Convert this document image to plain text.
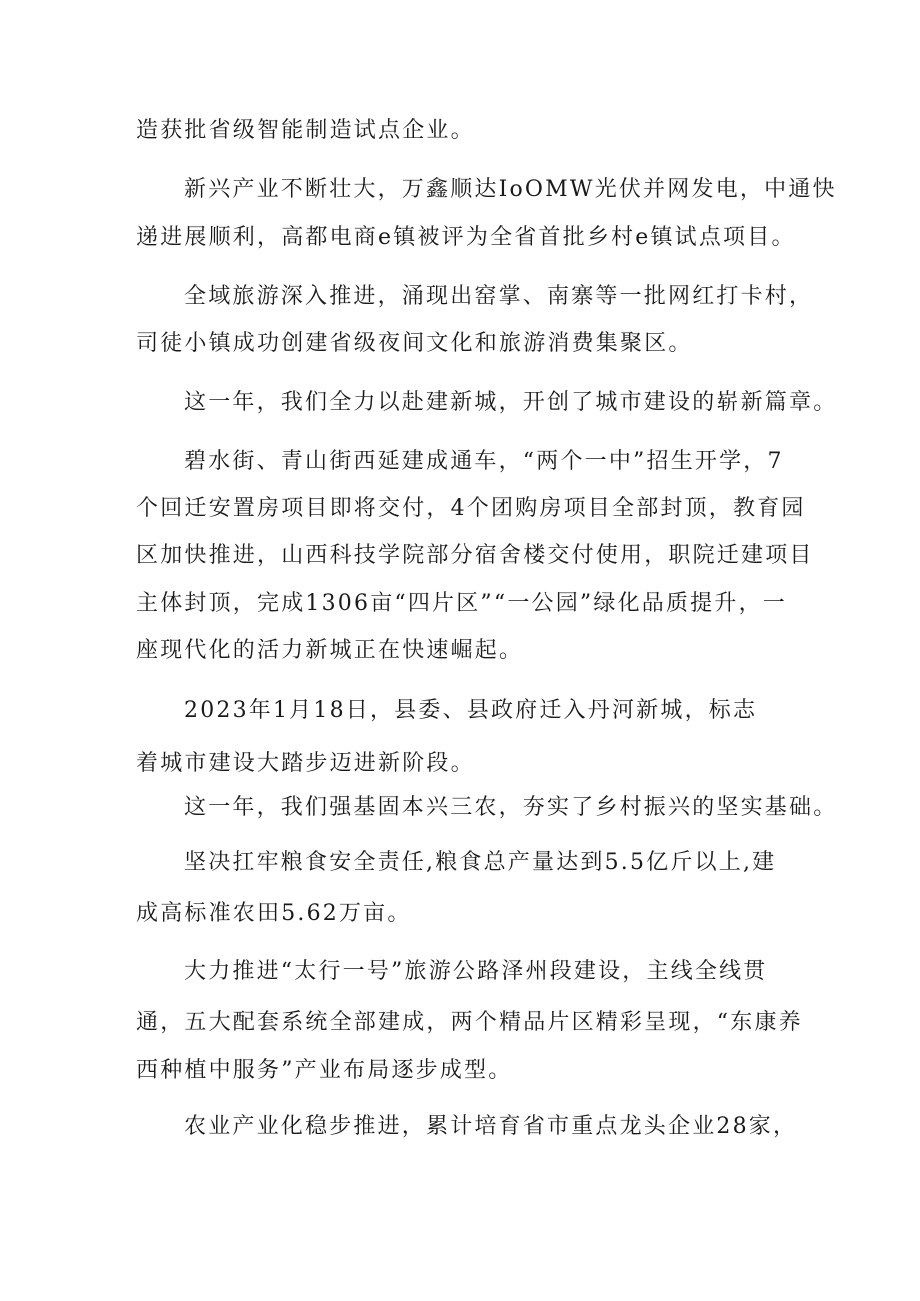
造获批省级智能制造试点企业。
新兴产业不断壮大，万鑫顺达IoOMW光伏并网发电，中通快
递进展顺利，高都电商e镇被评为全省首批乡村e镇试点项目。
全域旅游深入推进，涌现出窑掌、南寨等一批网红打卡村，
司徒小镇成功创建省级夜间文化和旅游消费集聚区。
这一年，我们全力以赴建新城，开创了城市建设的崭新篇章。
碧水街、青山街西延建成通车，“两个一中”招生开学，7
个回迁安置房项目即将交付，4个团购房项目全部封顶，教育园
区加快推进，山西科技学院部分宿舍楼交付使用，职院迁建项目
主体封顶，完成1306亩“四片区”“一公园”绿化品质提升，一
座现代化的活力新城正在快速崛起。
2023年1月18日，县委、县政府迁入丹河新城，标志
着城市建设大踏步迈进新阶段。
这一年，我们强基固本兴三农，夯实了乡村振兴的坚实基础。
坚决扛牢粮食安全责任,粮食总产量达到5.5亿斤以上,建
成高标准农田5.62万亩。
大力推进“太行一号”旅游公路泽州段建设，主线全线贯
通，五大配套系统全部建成，两个精品片区精彩呈现，“东康养
西种植中服务”产业布局逐步成型。
农业产业化稳步推进，累计培育省市重点龙头企业28家，
